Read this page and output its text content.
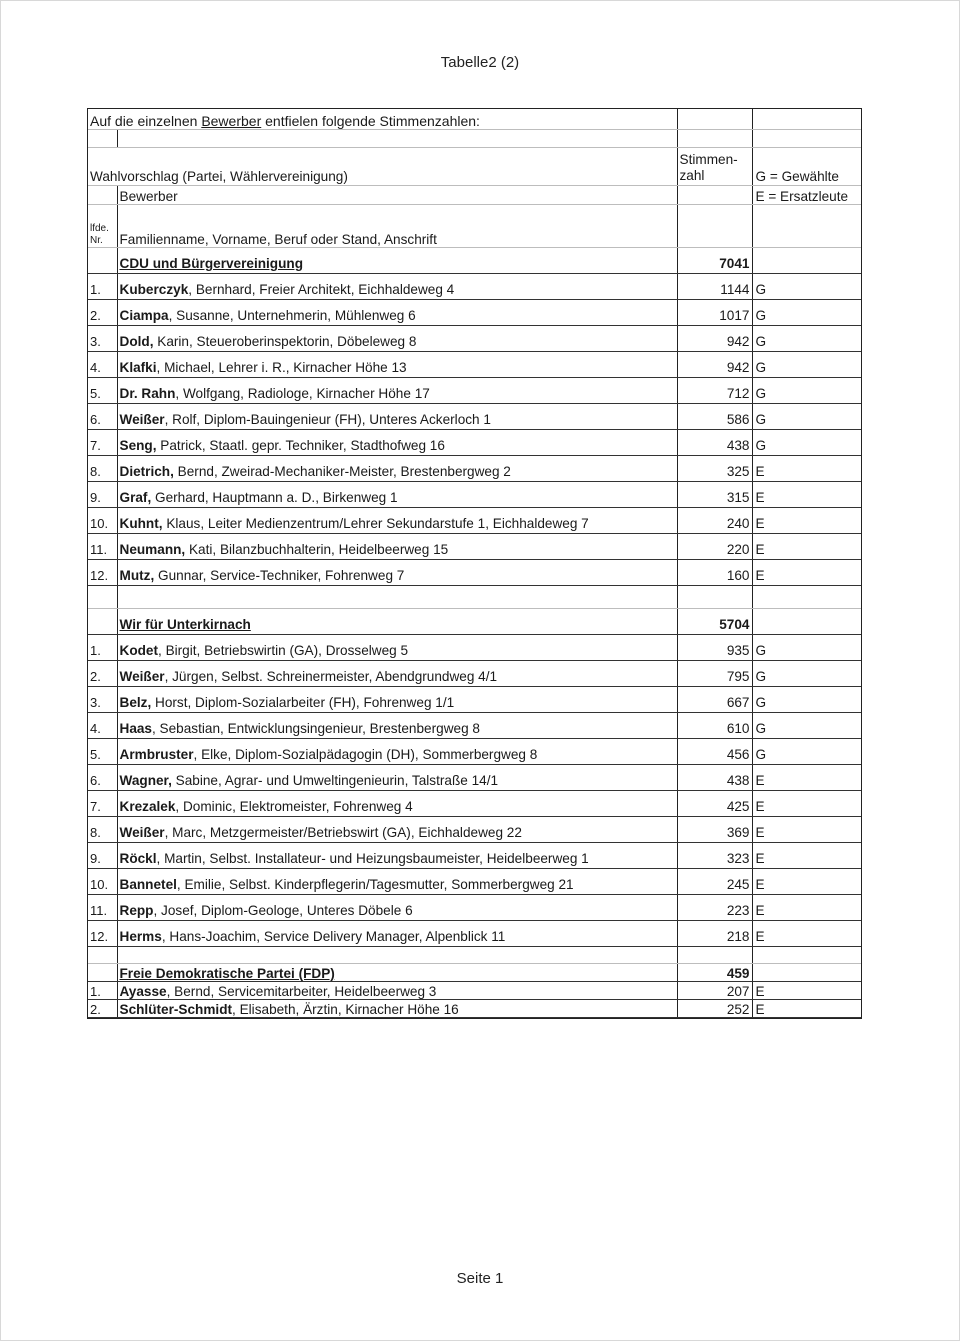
Tabelle2 (2)
Auf die einzelnen Bewerber entfielen folgende Stimmenzahlen:			

Wahlvorschlag (Partei, Wählervereinigung)		Stimmen-
zahl	G = Gewählte
	Bewerber		E = Ersatzleute
lfde.
Nr.	Familienname, Vorname, Beruf oder Stand, Anschrift		
	CDU und Bürgervereinigung	7041	
1.	Kuberczyk, Bernhard, Freier Architekt, Eichhaldeweg 4	1144	G
2.	Ciampa, Susanne, Unternehmerin, Mühlenweg 6	1017	G
3.	Dold, Karin, Steueroberinspektorin, Döbeleweg 8	942	G
4.	Klafki, Michael, Lehrer i. R., Kirnacher Höhe 13	942	G
5.	Dr. Rahn, Wolfgang, Radiologe, Kirnacher Höhe 17	712	G
6.	Weißer, Rolf, Diplom-Bauingenieur (FH), Unteres Ackerloch 1	586	G
7.	Seng, Patrick, Staatl. gepr. Techniker, Stadthofweg 16	438	G
8.	Dietrich, Bernd, Zweirad-Mechaniker-Meister, Brestenbergweg 2	325	E
9.	Graf, Gerhard, Hauptmann a. D., Birkenweg 1	315	E
10.	Kuhnt, Klaus, Leiter Medienzentrum/Lehrer Sekundarstufe 1, Eichhaldeweg 7	240	E
11.	Neumann, Kati, Bilanzbuchhalterin, Heidelbeerweg 15	220	E
12.	Mutz, Gunnar, Service-Techniker, Fohrenweg 7	160	E

	Wir für Unterkirnach	5704	
1.	Kodet, Birgit, Betriebswirtin (GA), Drosselweg 5	935	G
2.	Weißer, Jürgen, Selbst. Schreinermeister, Abendgrundweg 4/1	795	G
3.	Belz, Horst, Diplom-Sozialarbeiter (FH), Fohrenweg 1/1	667	G
4.	Haas, Sebastian, Entwicklungsingenieur, Brestenbergweg 8	610	G
5.	Armbruster, Elke, Diplom-Sozialpädagogin (DH), Sommerbergweg 8	456	G
6.	Wagner, Sabine, Agrar- und Umweltingenieurin, Talstraße 14/1	438	E
7.	Krezalek, Dominic, Elektromeister, Fohrenweg 4	425	E
8.	Weißer, Marc, Metzgermeister/Betriebswirt (GA), Eichhaldeweg 22	369	E
9.	Röckl, Martin, Selbst. Installateur- und Heizungsbaumeister, Heidelbeerweg 1	323	E
10.	Bannetel, Emilie, Selbst. Kinderpflegerin/Tagesmutter, Sommerbergweg 21	245	E
11.	Repp, Josef, Diplom-Geologe, Unteres Döbele 6	223	E
12.	Herms, Hans-Joachim, Service Delivery Manager, Alpenblick 11	218	E

	Freie Demokratische Partei (FDP)	459	
1.	Ayasse, Bernd, Servicemitarbeiter, Heidelbeerweg 3	207	E
2.	Schlüter-Schmidt, Elisabeth, Ärztin, Kirnacher Höhe 16	252	E
Seite 1
